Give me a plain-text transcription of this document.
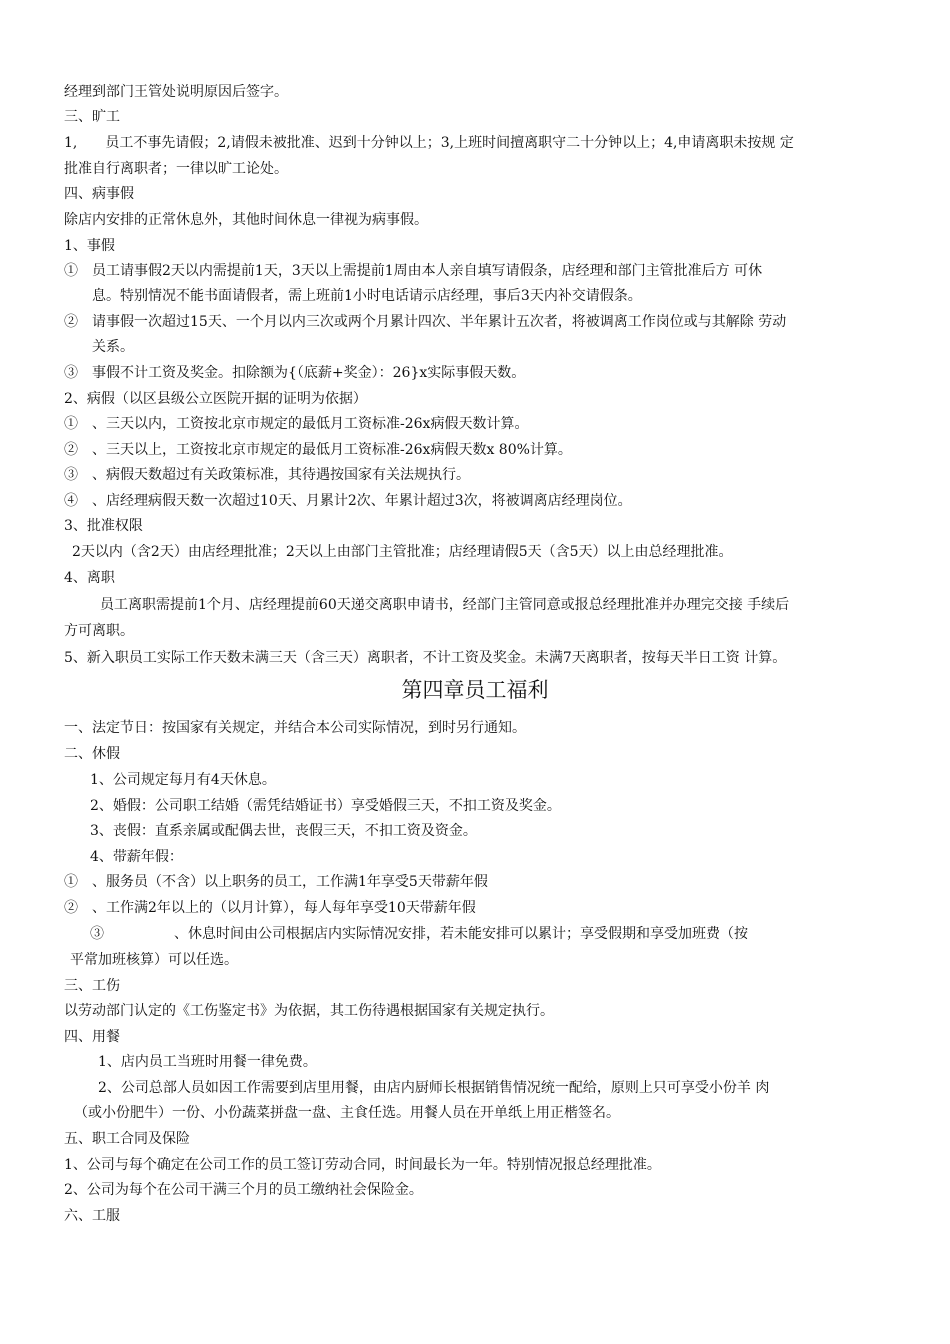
经理到部门王管处说明原因后签字。
三、旷工
1,　　员工不事先请假；2,请假未被批准、迟到十分钟以上；3,上班时间擅离职守二十分钟以上；4,申请离职未按规 定
批准自行离职者；一律以旷工论处。
四、病事假
除店内安排的正常休息外，其他时间休息一律视为病事假。
1、事假
①　员工请事假2天以内需提前1天，3天以上需提前1周由本人亲自填写请假条，店经理和部门主管批准后方 可休
息。特别情况不能书面请假者，需上班前1小时电话请示店经理，事后3天内补交请假条。
②　请事假一次超过15天、一个月以内三次或两个月累计四次、半年累计五次者，将被调离工作岗位或与其解除 劳动
关系。
③　事假不计工资及奖金。扣除额为{（底薪+奖金）：26}x实际事假天数。
2、病假（以区县级公立医院开据的证明为依据）
①　、三天以内，工资按北京市规定的最低月工资标准-26x病假天数计算。
②　、三天以上，工资按北京市规定的最低月工资标准-26x病假天数x 80%计算。
③　、病假天数超过有关政策标准，其待遇按国家有关法规执行。
④　、店经理病假天数一次超过10天、月累计2次、年累计超过3次，将被调离店经理岗位。
3、批准权限
2天以内（含2天）由店经理批准；2天以上由部门主管批准；店经理请假5天（含5天）以上由总经理批准。
4、离职
员工离职需提前1个月、店经理提前60天递交离职申请书，经部门主管同意或报总经理批准并办理完交接 手续后
方可离职。
5、新入职员工实际工作天数未满三天（含三天）离职者，不计工资及奖金。未满7天离职者，按每天半日工资 计算。
第四章员工福利
一、法定节日：按国家有关规定，并结合本公司实际情况，到时另行通知。
二、休假
1、公司规定每月有4天休息。
2、婚假：公司职工结婚（需凭结婚证书）享受婚假三天，不扣工资及奖金。
3、丧假：直系亲属或配偶去世，丧假三天，不扣工资及资金。
4、带薪年假：
①　、服务员（不含）以上职务的员工，工作满1年享受5天带薪年假
②　、工作满2年以上的（以月计算），每人每年享受10天带薪年假
③　　　　　、休息时间由公司根据店内实际情况安排，若未能安排可以累计；享受假期和享受加班费（按
平常加班核算）可以任选。
三、工伤
以劳动部门认定的《工伤鉴定书》为依据，其工伤待遇根据国家有关规定执行。
四、用餐
1、店内员工当班时用餐一律免费。
2、公司总部人员如因工作需要到店里用餐，由店内厨师长根据销售情况统一配给，原则上只可享受小份羊 肉
（或小份肥牛）一份、小份蔬菜拼盘一盘、主食任选。用餐人员在开单纸上用正楷签名。
五、职工合同及保险
1、公司与每个确定在公司工作的员工签订劳动合同，时间最长为一年。特别情况报总经理批准。
2、公司为每个在公司干满三个月的员工缴纳社会保险金。
六、工服
